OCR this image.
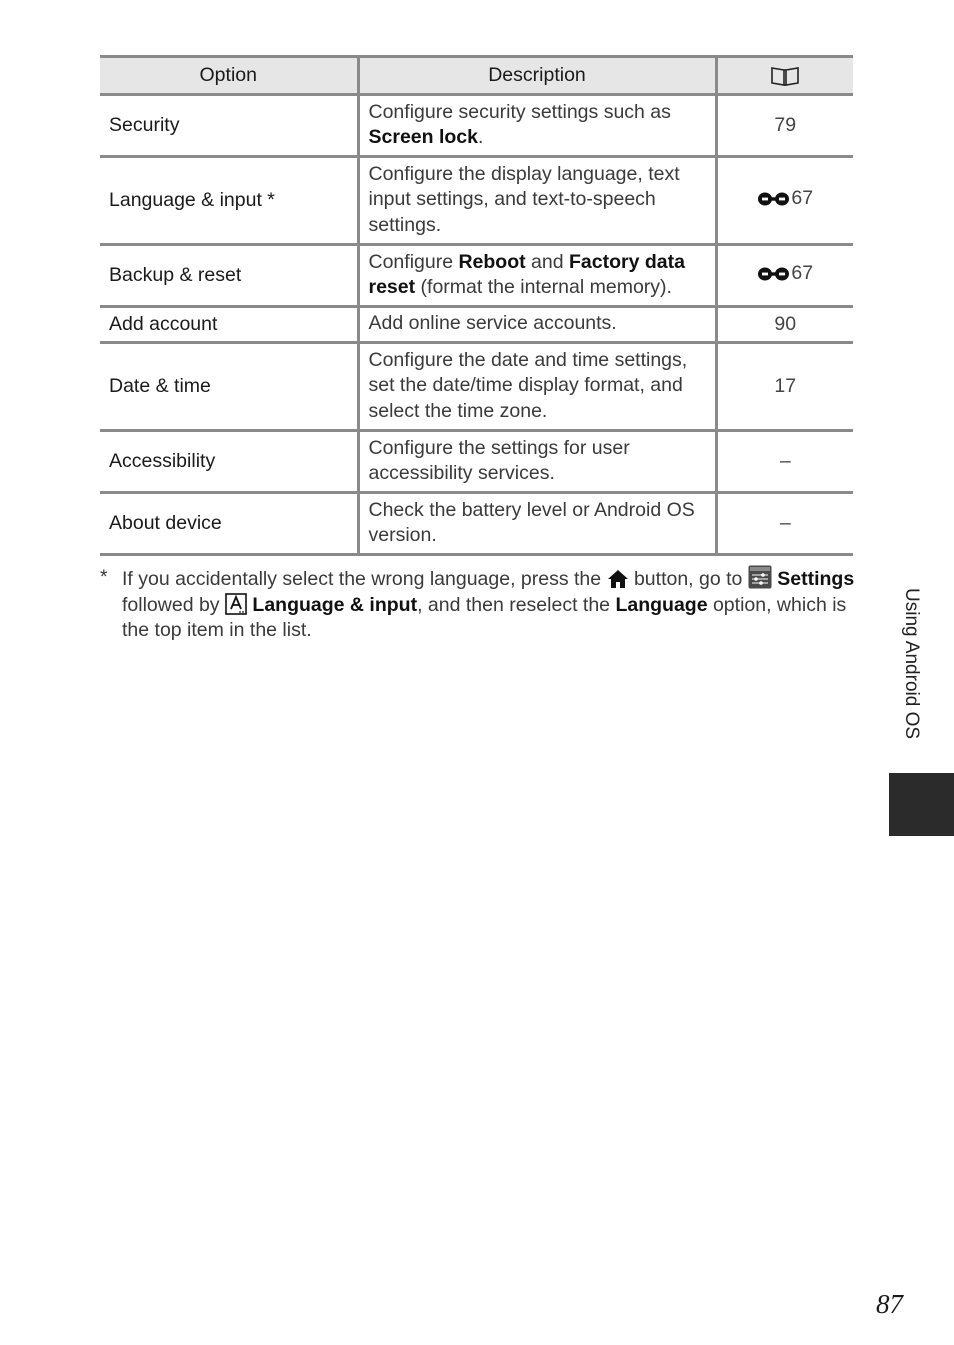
Option	Description	
Security	Configure security settings such as Screen lock.	79

Language & input *	Configure the display language, text input settings, and text-to-speech settings.	67

Backup & reset	Configure Reboot and Factory data reset (format the internal memory).	67

Add account	Add online service accounts.	90

Date & time	Configure the date and time settings, set the date/time display format, and select the time zone.	17

Accessibility	Configure the settings for user accessibility services.	–

About device	Check the battery level or Android OS version.	–
* If you accidentally select the wrong language, press the  button, go to  Settings followed by  Language & input, and then reselect the Language option, which is the top item in the list.	Using Android OS
87
